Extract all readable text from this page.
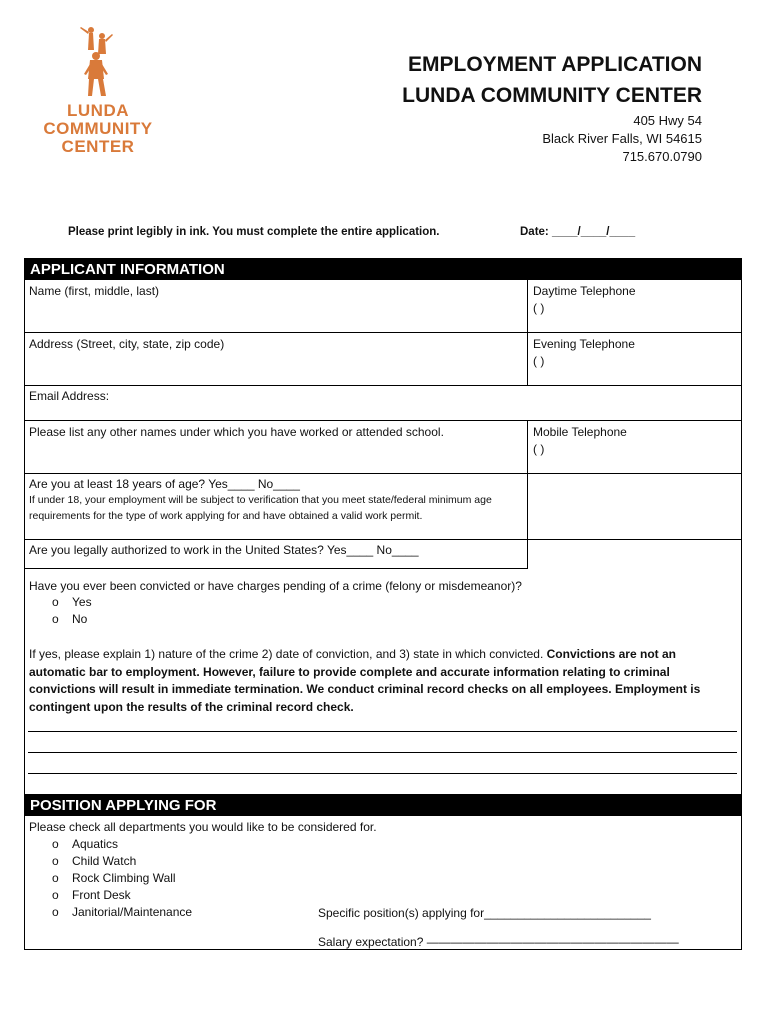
LUNDA
COMMUNITY
CENTER
EMPLOYMENT APPLICATION
LUNDA COMMUNITY CENTER
405 Hwy 54
Black River Falls, WI 54615
715.670.0790
Please print legibly in ink. You must complete the entire application.	Date: ____/____/____
APPLICANT INFORMATION
Name (first, middle, last)	Daytime Telephone
( )
Address (Street, city, state, zip code)	Evening Telephone
( )
Email Address:
Please list any other names under which you have worked or attended school.	Mobile Telephone
( )
Are you at least 18 years of age? Yes____ No____
If under 18, your employment will be subject to verification that you meet state/federal minimum age requirements for the type of work applying for and have obtained a valid work permit.
Are you legally authorized to work in the United States? Yes____ No____
Have you ever been convicted or have charges pending of a crime (felony or misdemeanor)?
o Yes
o No
If yes, please explain 1) nature of the crime 2) date of conviction, and 3) state in which convicted. Convictions are not an automatic bar to employment. However, failure to provide complete and accurate information relating to criminal convictions will result in immediate termination. We conduct criminal record checks on all employees. Employment is contingent upon the results of the criminal record check.
POSITION APPLYING FOR
Please check all departments you would like to be considered for.
o Aquatics
o Child Watch
o Rock Climbing Wall
o Front Desk
o Janitorial/Maintenance	Specific position(s) applying for_________________________
Salary expectation? —————————————————————
